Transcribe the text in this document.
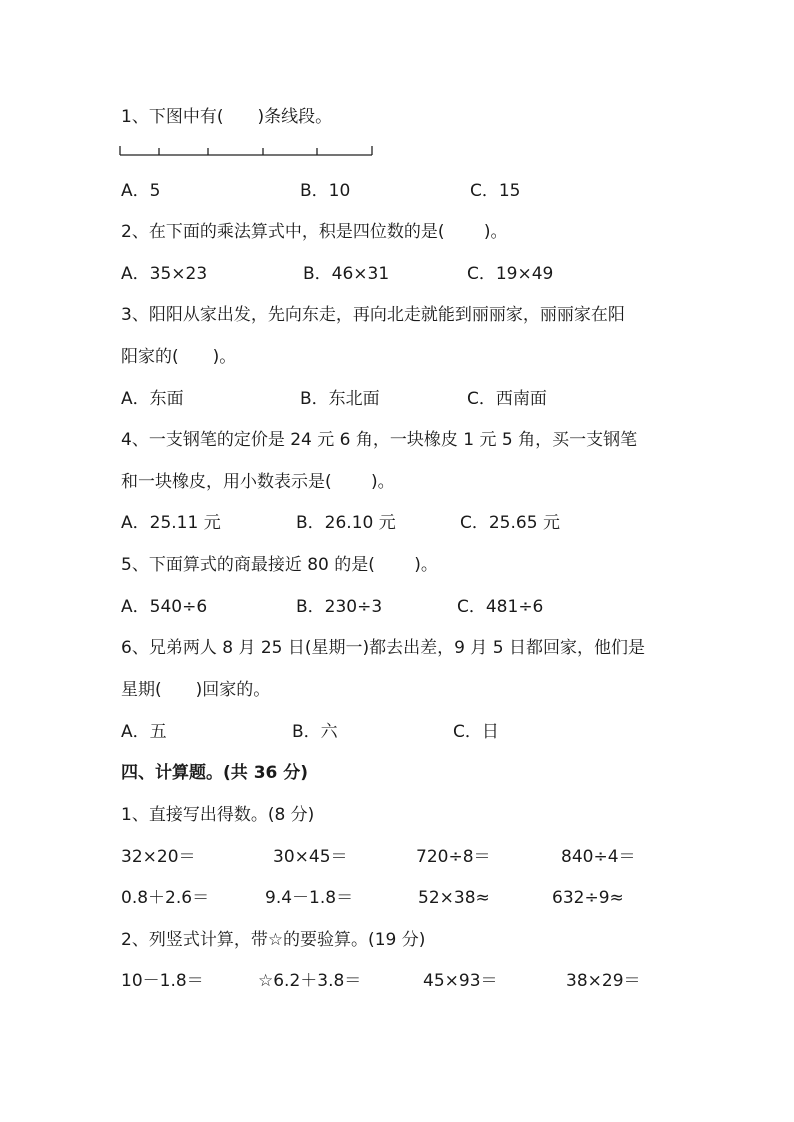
1、下图中有(　　)条线段。
A．5	B．10	C．15
2、在下面的乘法算式中，积是四位数的是(　　 )。
A．35×23	B．46×31	C．19×49
3、阳阳从家出发，先向东走，再向北走就能到丽丽家，丽丽家在阳
阳家的(　　)。
A．东面	B．东北面	C．西南面
4、一支钢笔的定价是 24 元 6 角，一块橡皮 1 元 5 角，买一支钢笔
和一块橡皮，用小数表示是(　　 )。
A．25.11 元	B．26.10 元	C．25.65 元
5、下面算式的商最接近 80 的是(　　 )。
A．540÷6	B．230÷3	C．481÷6
6、兄弟两人 8 月 25 日(星期一)都去出差，9 月 5 日都回家，他们是
星期(　　)回家的。
A．五	B．六	C．日
四、计算题。(共 36 分)
1、直接写出得数。(8 分)
32×20＝	30×45＝	720÷8＝	840÷4＝
0.8＋2.6＝	9.4－1.8＝	52×38≈	632÷9≈
2、列竖式计算，带☆的要验算。(19 分)
10－1.8＝	☆6.2＋3.8＝	45×93＝	38×29＝
